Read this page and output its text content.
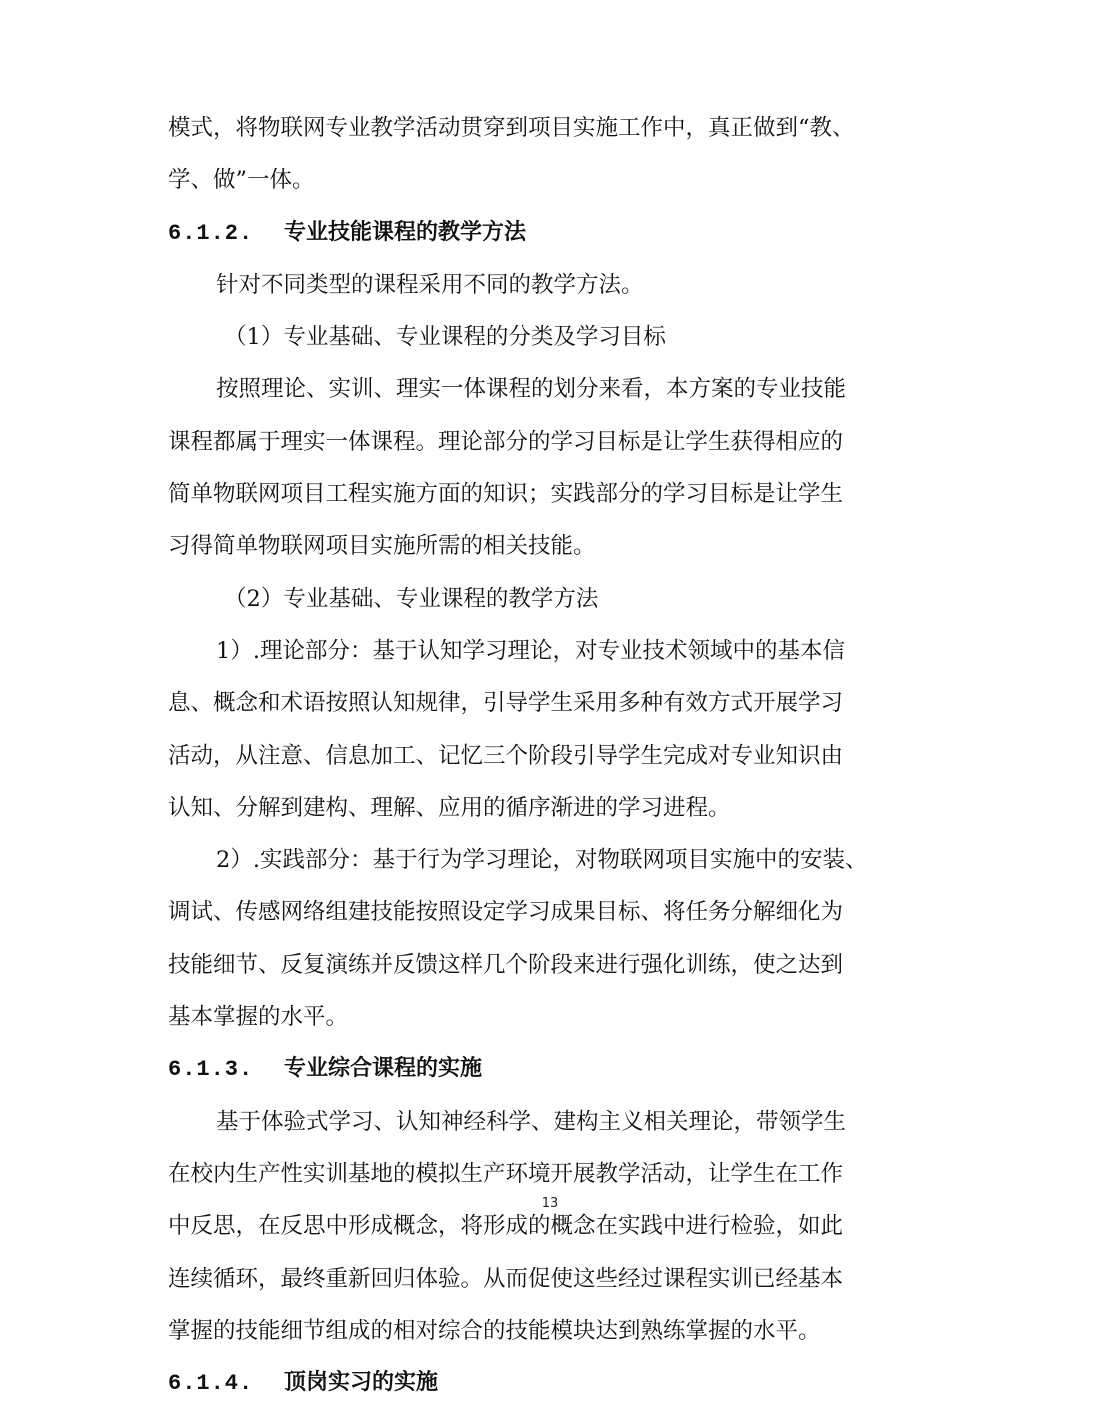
模式，将物联网专业教学活动贯穿到项目实施工作中，真正做到“教、
学、做”一体。
6.1.2. 专业技能课程的教学方法
针对不同类型的课程采用不同的教学方法。
（1）专业基础、专业课程的分类及学习目标
按照理论、实训、理实一体课程的划分来看，本方案的专业技能
课程都属于理实一体课程。理论部分的学习目标是让学生获得相应的
简单物联网项目工程实施方面的知识；实践部分的学习目标是让学生
习得简单物联网项目实施所需的相关技能。
（2）专业基础、专业课程的教学方法
1）.理论部分：基于认知学习理论，对专业技术领域中的基本信
息、概念和术语按照认知规律，引导学生采用多种有效方式开展学习
活动，从注意、信息加工、记忆三个阶段引导学生完成对专业知识由
认知、分解到建构、理解、应用的循序渐进的学习进程。
2）.实践部分：基于行为学习理论，对物联网项目实施中的安装、
调试、传感网络组建技能按照设定学习成果目标、将任务分解细化为
技能细节、反复演练并反馈这样几个阶段来进行强化训练，使之达到
基本掌握的水平。
6.1.3. 专业综合课程的实施
基于体验式学习、认知神经科学、建构主义相关理论，带领学生
在校内生产性实训基地的模拟生产环境开展教学活动，让学生在工作
中反思，在反思中形成概念，将形成的概念在实践中进行检验，如此
连续循环，最终重新回归体验。从而促使这些经过课程实训已经基本
掌握的技能细节组成的相对综合的技能模块达到熟练掌握的水平。
6.1.4. 顶岗实习的实施
13
